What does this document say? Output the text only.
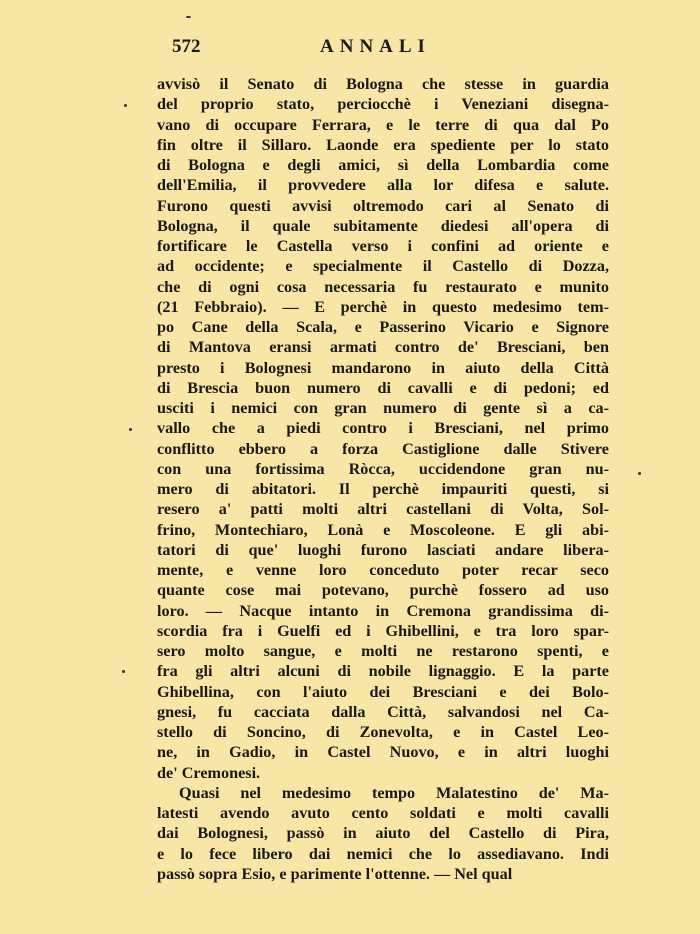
572	ANNALI
avvisò il Senato di Bologna che stesse in guardia
del proprio stato, perciocchè i Veneziani disegna-
vano di occupare Ferrara, e le terre di qua dal Po
fin oltre il Sillaro. Laonde era spediente per lo stato
di Bologna e degli amici, sì della Lombardia come
dell'Emilia, il provvedere alla lor difesa e salute.
Furono questi avvisi oltremodo cari al Senato di
Bologna, il quale subitamente diedesi all'opera di
fortificare le Castella verso i confini ad oriente e
ad occidente; e specialmente il Castello di Dozza,
che di ogni cosa necessaria fu restaurato e munito
(21 Febbraio). — E perchè in questo medesimo tem-
po Cane della Scala, e Passerino Vicario e Signore
di Mantova eransi armati contro de' Bresciani, ben
presto i Bolognesi mandarono in aiuto della Città
di Brescia buon numero di cavalli e di pedoni; ed
usciti i nemici con gran numero di gente sì a ca-
vallo che a piedi contro i Bresciani, nel primo
conflitto ebbero a forza Castiglione dalle Stivere
con una fortissima Ròcca, uccidendone gran nu-
mero di abitatori. Il perchè impauriti questi, si
resero a' patti molti altri castellani di Volta, Sol-
frino, Montechiaro, Lonà e Moscoleone. E gli abi-
tatori di que' luoghi furono lasciati andare libera-
mente, e venne loro conceduto poter recar seco
quante cose mai potevano, purchè fossero ad uso
loro. — Nacque intanto in Cremona grandissima di-
scordia fra i Guelfi ed i Ghibellini, e tra loro spar-
sero molto sangue, e molti ne restarono spenti, e
fra gli altri alcuni di nobile lignaggio. E la parte
Ghibellina, con l'aiuto dei Bresciani e dei Bolo-
gnesi, fu cacciata dalla Città, salvandosi nel Ca-
stello di Soncino, di Zonevolta, e in Castel Leo-
ne, in Gadio, in Castel Nuovo, e in altri luoghi
de' Cremonesi.
Quasi nel medesimo tempo Malatestino de' Ma-
latesti avendo avuto cento soldati e molti cavalli
dai Bolognesi, passò in aiuto del Castello di Pira,
e lo fece libero dai nemici che lo assediavano. Indi
passò sopra Esio, e parimente l'ottenne. — Nel qual
